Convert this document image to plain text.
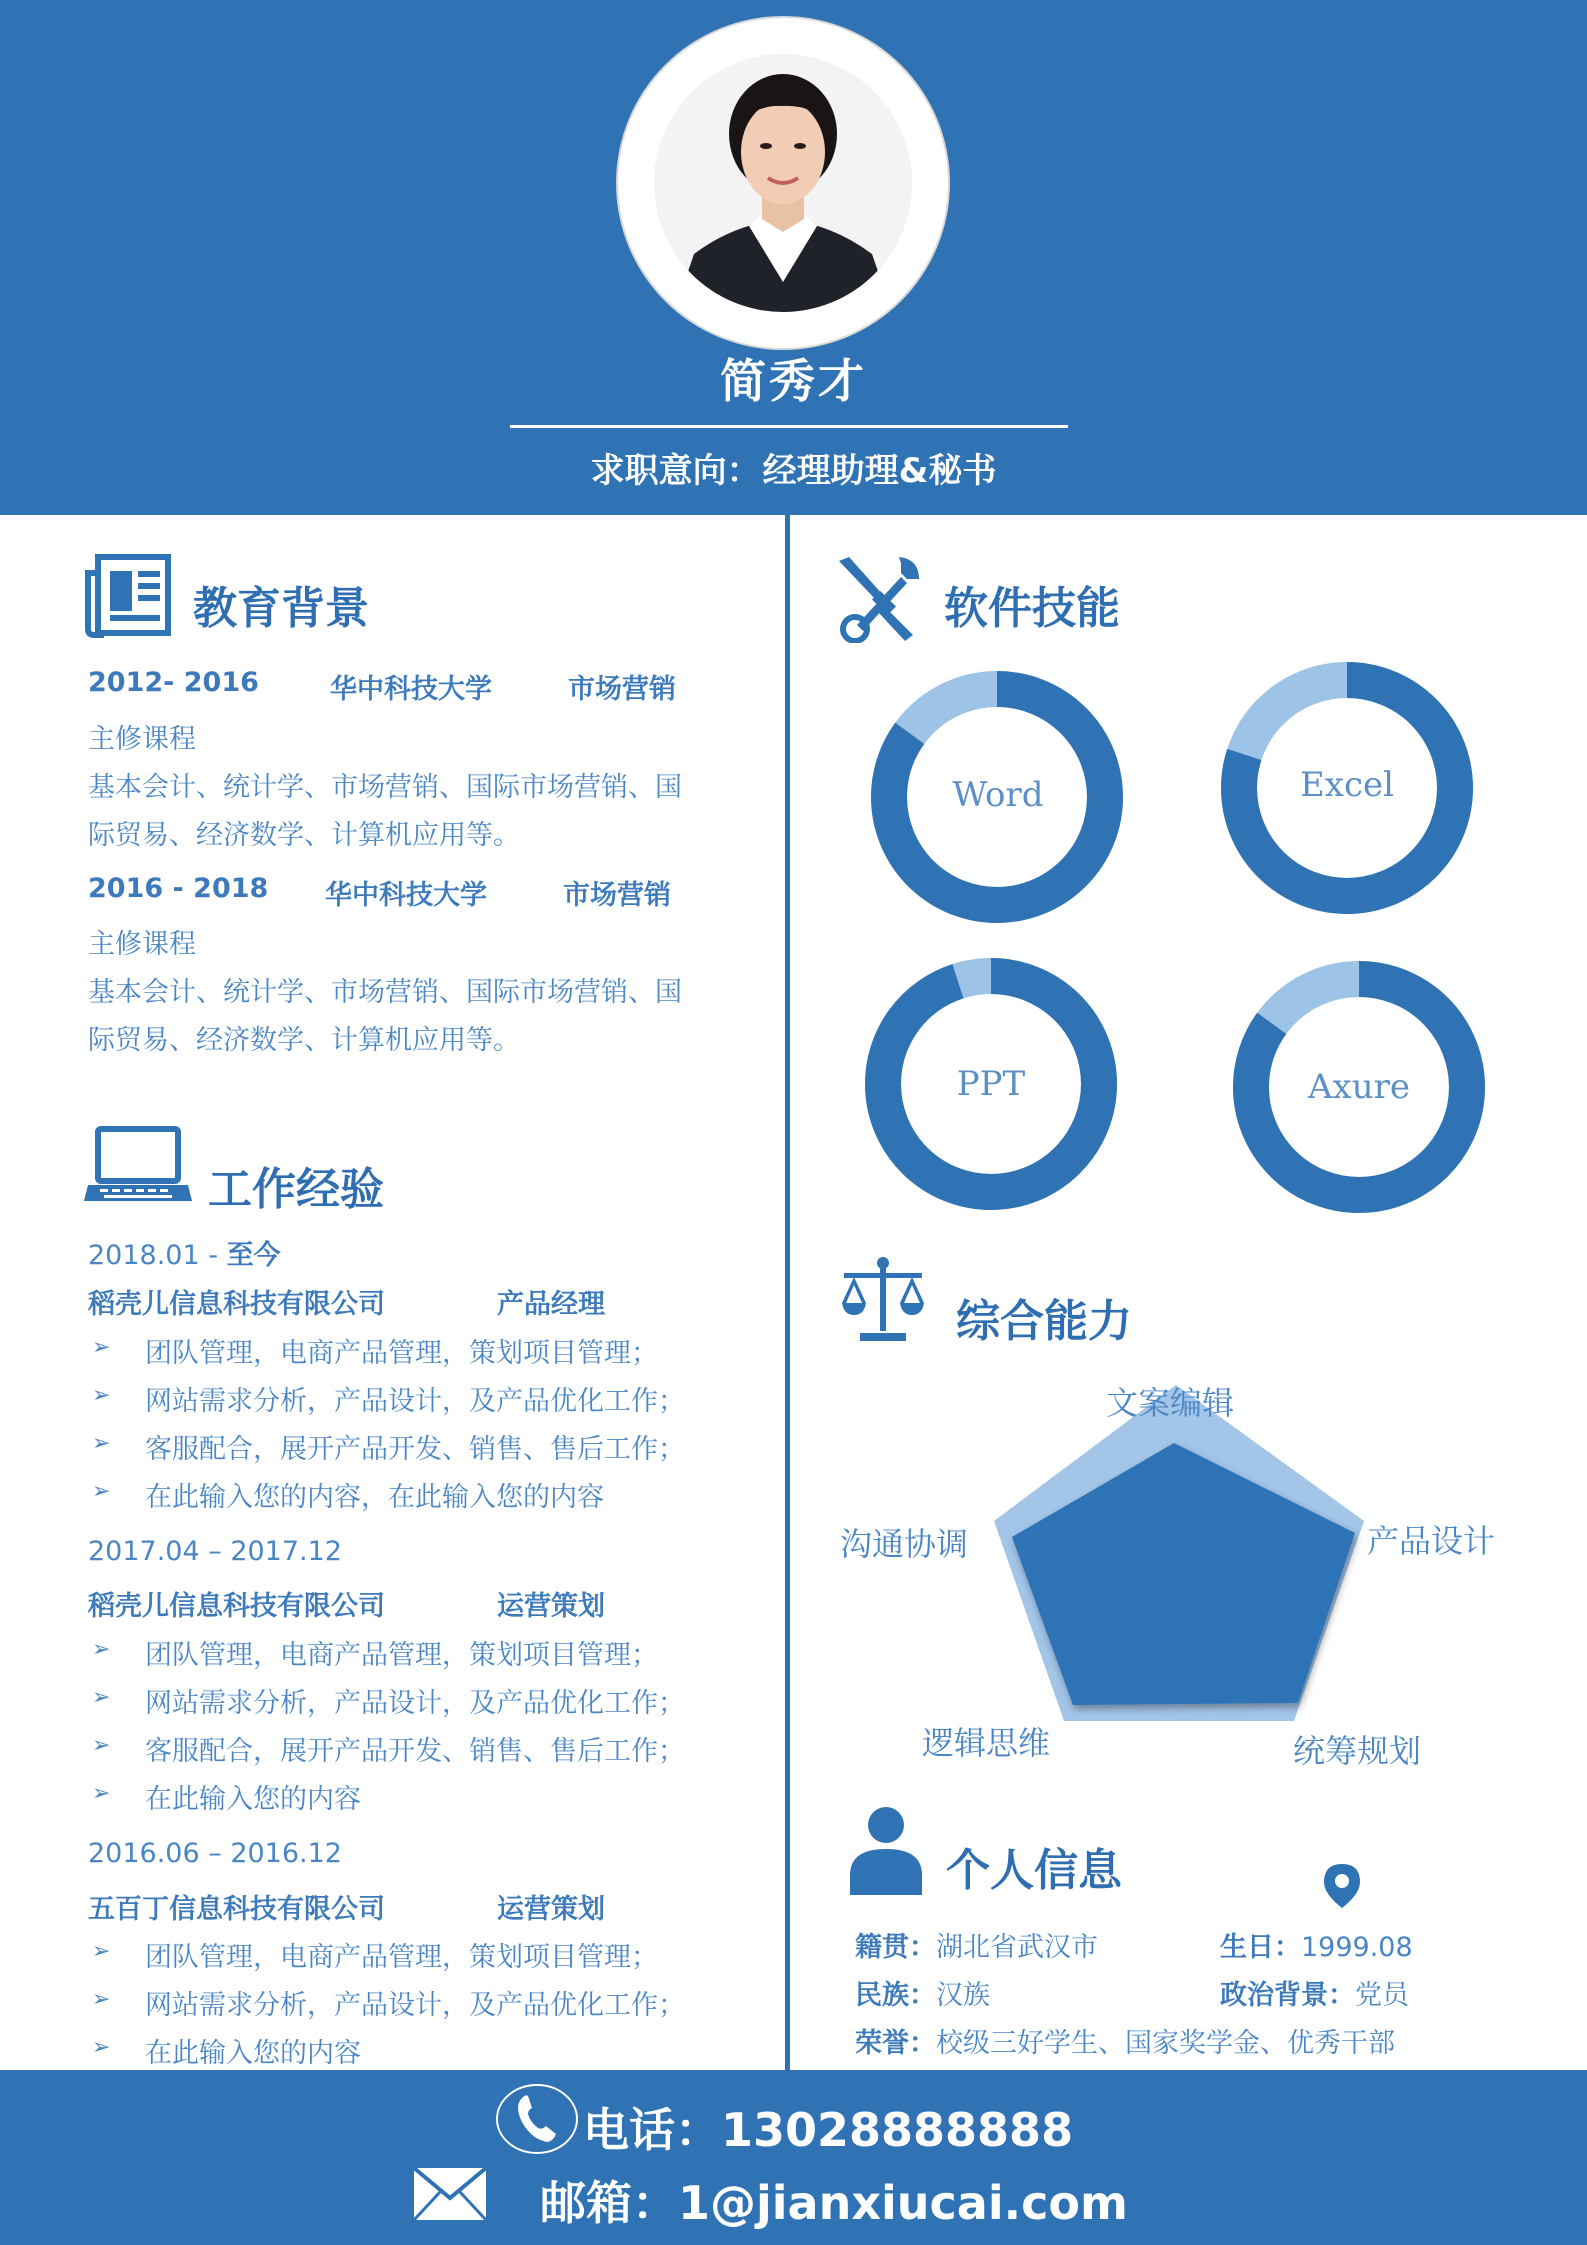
简秀才
求职意向：经理助理&秘书
教育背景
2012- 2016	华中科技大学	市场营销
主修课程
基本会计、统计学、市场营销、国际市场营销、国
际贸易、经济数学、计算机应用等。
2016 - 2018 华中科技大学	市场营销
主修课程
基本会计、统计学、市场营销、国际市场营销、国
际贸易、经济数学、计算机应用等。
工作经验
2018.01 - 至今
稻壳儿信息科技有限公司	产品经理
➢ 团队管理，电商产品管理，策划项目管理；
➢ 网站需求分析，产品设计，及产品优化工作；
➢ 客服配合，展开产品开发、销售、售后工作；
➢ 在此输入您的内容，在此输入您的内容
2017.04 – 2017.12
稻壳儿信息科技有限公司	运营策划
➢ 团队管理，电商产品管理，策划项目管理；
➢ 网站需求分析，产品设计，及产品优化工作；
➢ 客服配合，展开产品开发、销售、售后工作；
➢ 在此输入您的内容
2016.06 – 2016.12
五百丁信息科技有限公司	运营策划
➢ 团队管理，电商产品管理，策划项目管理；
➢ 网站需求分析，产品设计，及产品优化工作；
➢ 在此输入您的内容
软件技能
Word	Excel
PPT	Axure
综合能力
文案编辑
产品设计
统筹规划
逻辑思维
沟通协调
个人信息
籍贯：湖北省武汉市	生日：1999.08
民族：汉族	政治背景：党员
荣誉：校级三好学生、国家奖学金、优秀干部
电话：13028888888
邮箱：1@jianxiucai.com
